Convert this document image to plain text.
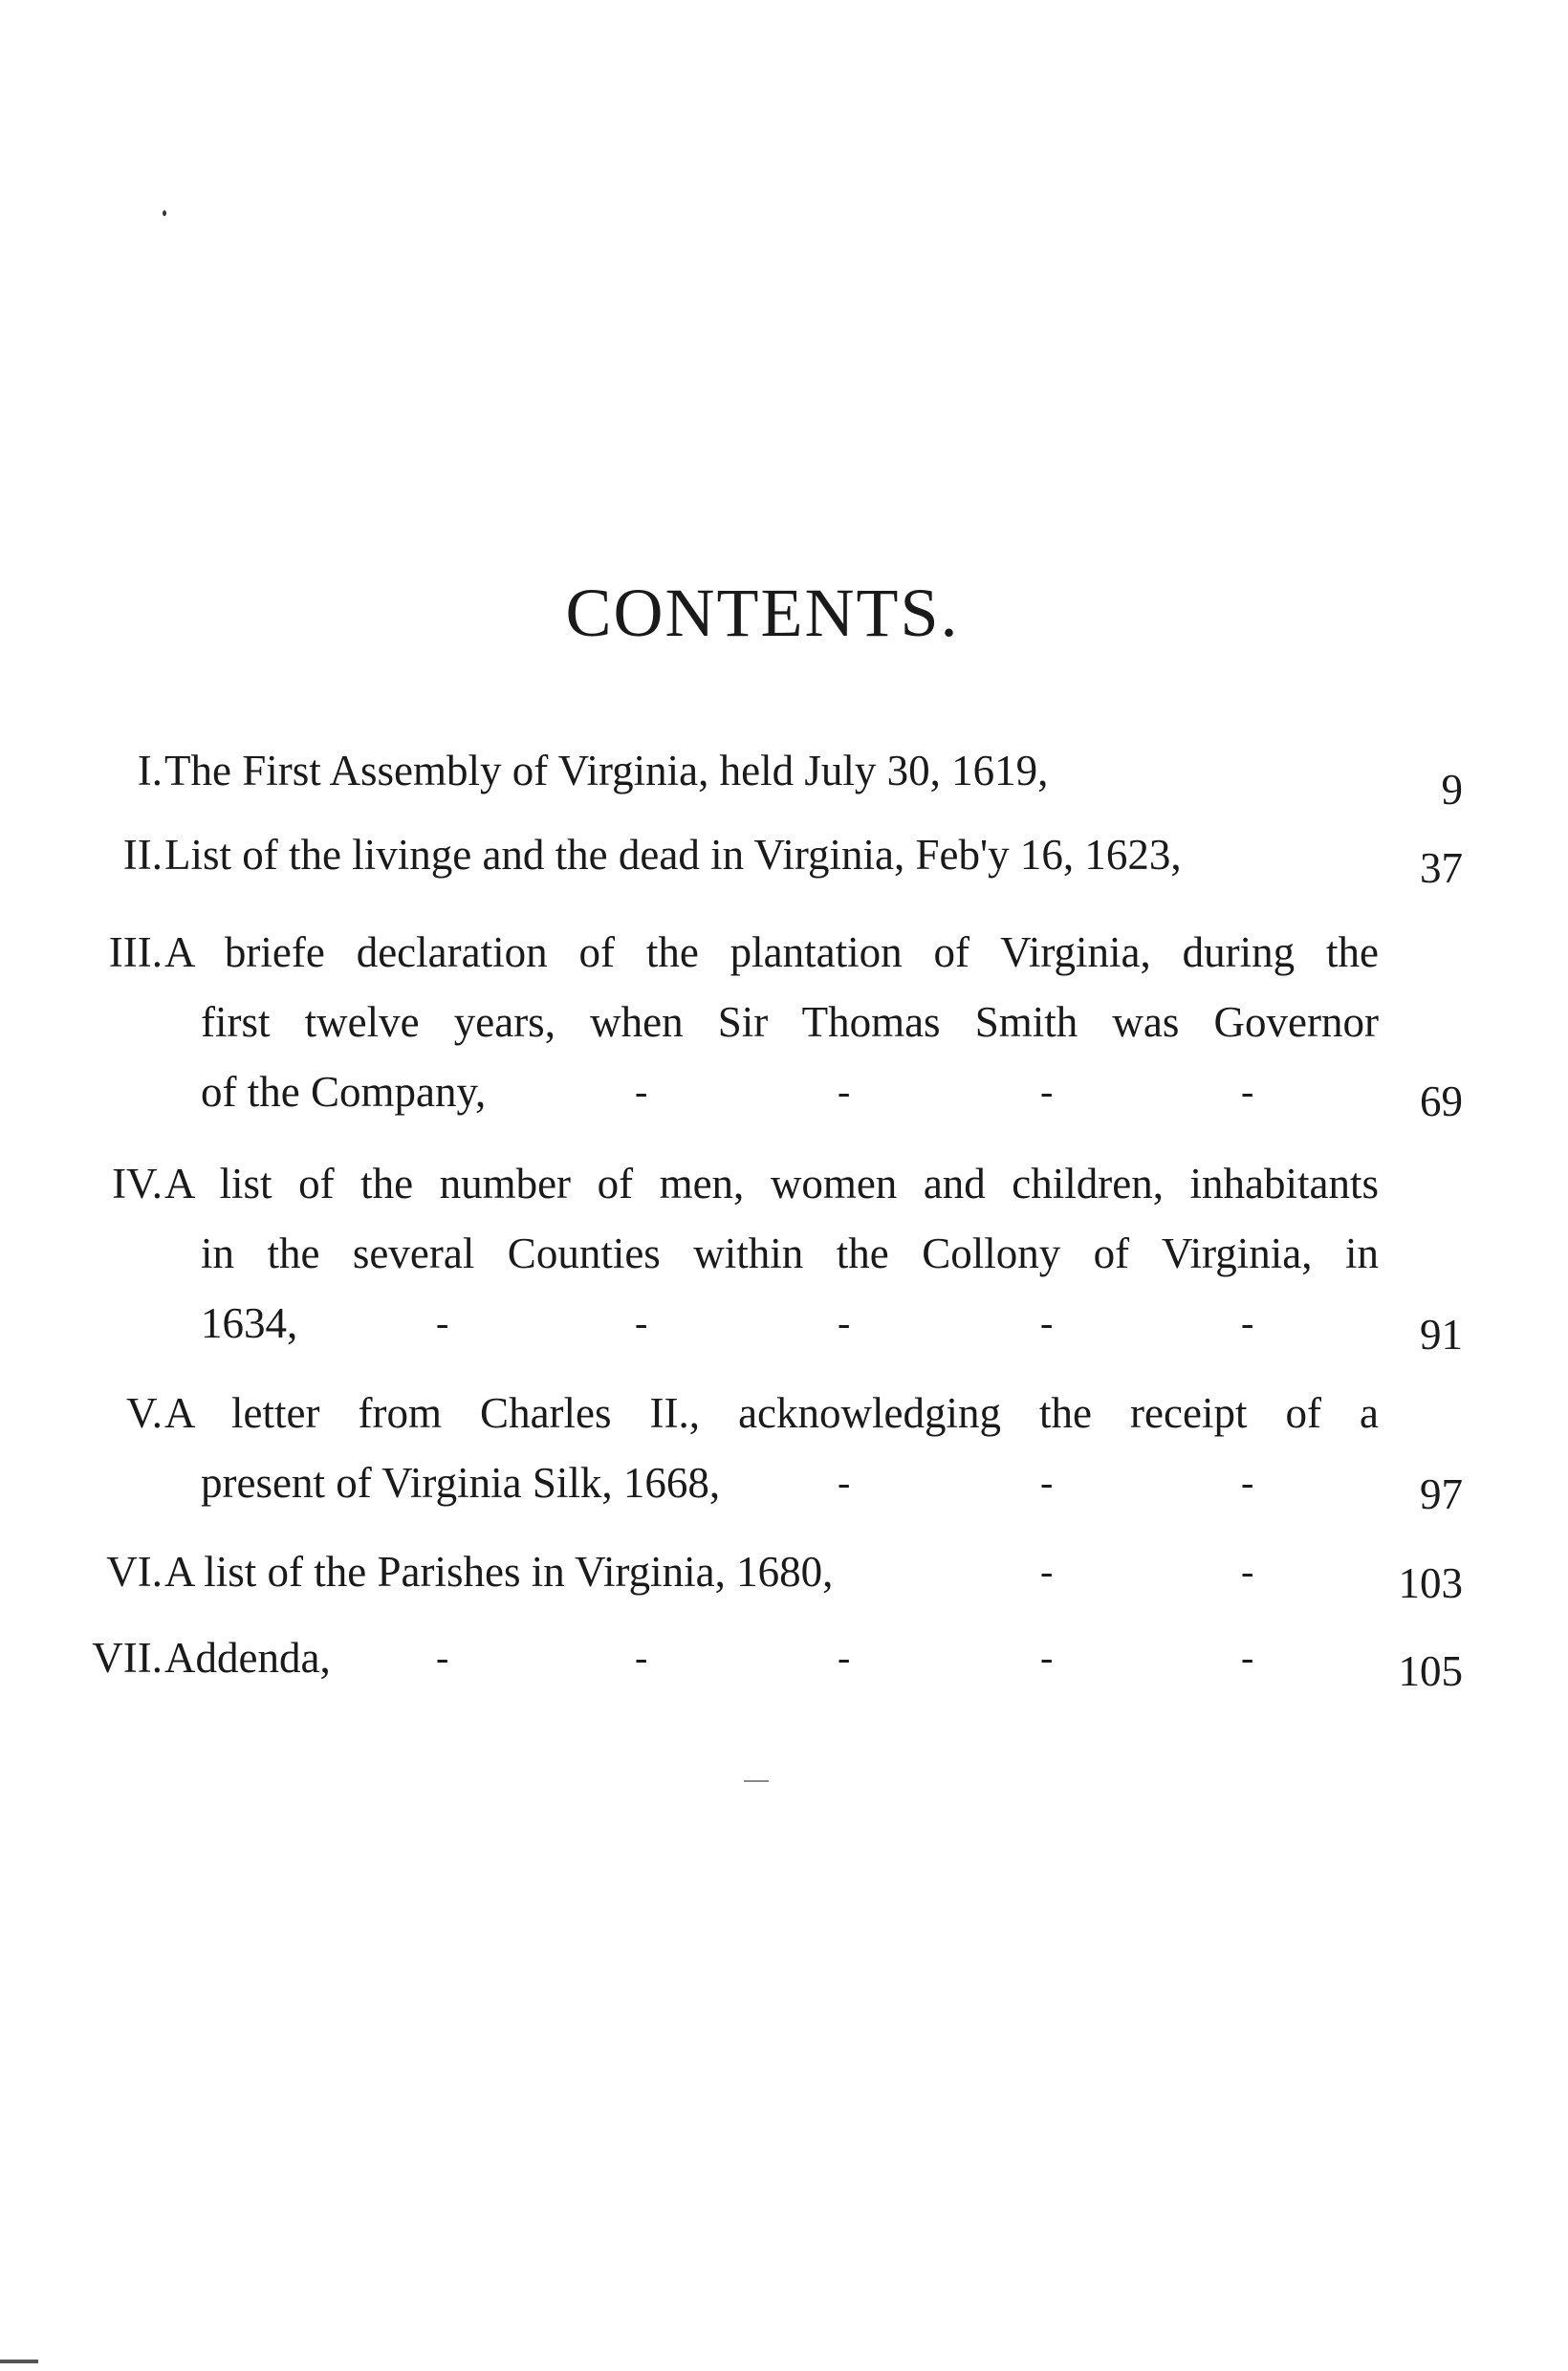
CONTENTS.
I. The First Assembly of Virginia, held July 30, 1619,	9
II. List of the livinge and the dead in Virginia, Feb'y 16, 1623,	37
III. A briefe declaration of the plantation of Virginia, during the
first twelve years, when Sir Thomas Smith was Governor
of the Company,	-	-	-	-	69
IV. A list of the number of men, women and children, inhabitants
in the several Counties within the Collony of Virginia, in
1634,	-	-	-	-	-	91
V. A letter from Charles II., acknowledging the receipt of a
present of Virginia Silk, 1668,	-	-	-	97
VI. A list of the Parishes in Virginia, 1680,	-	-	103
VII. Addenda,	-	-	-	-	-	105
